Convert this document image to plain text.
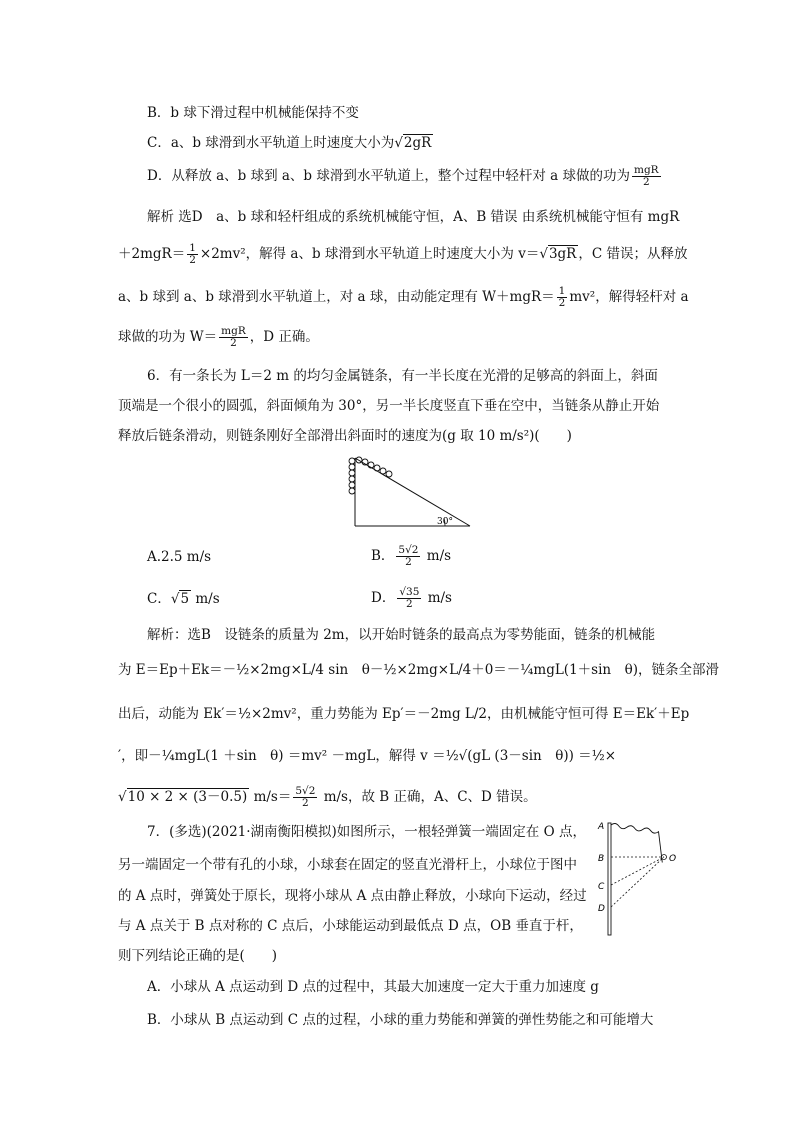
B．b 球下滑过程中机械能保持不变
C．a、b 球滑到水平轨道上时速度大小为 √ 2gR
D．从释放 a、b 球到 a、b 球滑到水平轨道上，整个过程中轻杆对 a 球做的功为 $\frac{\text{mgR}}{2}$
解析 选D　a、b 球和轻杆组成的系统机械能守恒，A、B 错误 由系统机械能守恒有 mgR
$+2mgR= \frac{1}{2} \times 2mv^2$，解得 a、b 球滑到水平轨道上时速度大小为 v＝ √ 3gR ，C 错误；从释放
a、b 球到 a、b 球滑到水平轨道上，对 a 球，由动能定理有 $W+mgR= \frac{1}{2} mv^2$，解得轻杆对 a
球做的功为 $W= \frac{\text{mgR}}{2}$ ，D 正确。
6．有一条长为 L＝2 m 的均匀金属链条，有一半长度在光滑的足够高的斜面上，斜面
顶端是一个很小的圆弧，斜面倾角为 30°，另一半长度竖直下垂在空中，当链条从静止开始
释放后链条滑动，则链条刚好全部滑出斜面时的速度为(g 取 10 m/s²)(　　)
30°
A.2.5 m/s	B． $\frac{5√2}{2} m/s$
C． √ 5 m/s	D． $\frac{√35}{2} m/s$
解析：选B　设链条的质量为 2m，以开始时链条的最高点为零势能面，链条的机械能
为 E＝Ep＋Ek＝－½×2mg×L/4 sin　θ－½×2mg×L/4＋0＝－¼mgL(1＋sin　θ)，链条全部滑
出后，动能为 Ek′＝½×2mv²，重力势能为 Ep′＝－2mg L/2，由机械能守恒可得 E＝Ek′＋Ep
′，即－¼mgL(1 ＋sin　θ) ＝mv² －mgL，解得 v ＝½√(gL (3－sin　θ)) ＝½×
√ 10 × 2 × (3－0.5) $m/s= \frac{5√2}{2} m/s$，故 B 正确，A、C、D 错误。
7．(多选)(2021·湖南衡阳模拟)如图所示，一根轻弹簧一端固定在 O 点，
另一端固定一个带有孔的小球，小球套在固定的竖直光滑杆上，小球位于图中
的 A 点时，弹簧处于原长，现将小球从 A 点由静止释放，小球向下运动，经过
与 A 点关于 B 点对称的 C 点后，小球能运动到最低点 D 点，OB 垂直于杆，
则下列结论正确的是(　　)
A
B
C
D
O
A．小球从 A 点运动到 D 点的过程中，其最大加速度一定大于重力加速度 g
B．小球从 B 点运动到 C 点的过程，小球的重力势能和弹簧的弹性势能之和可能增大
